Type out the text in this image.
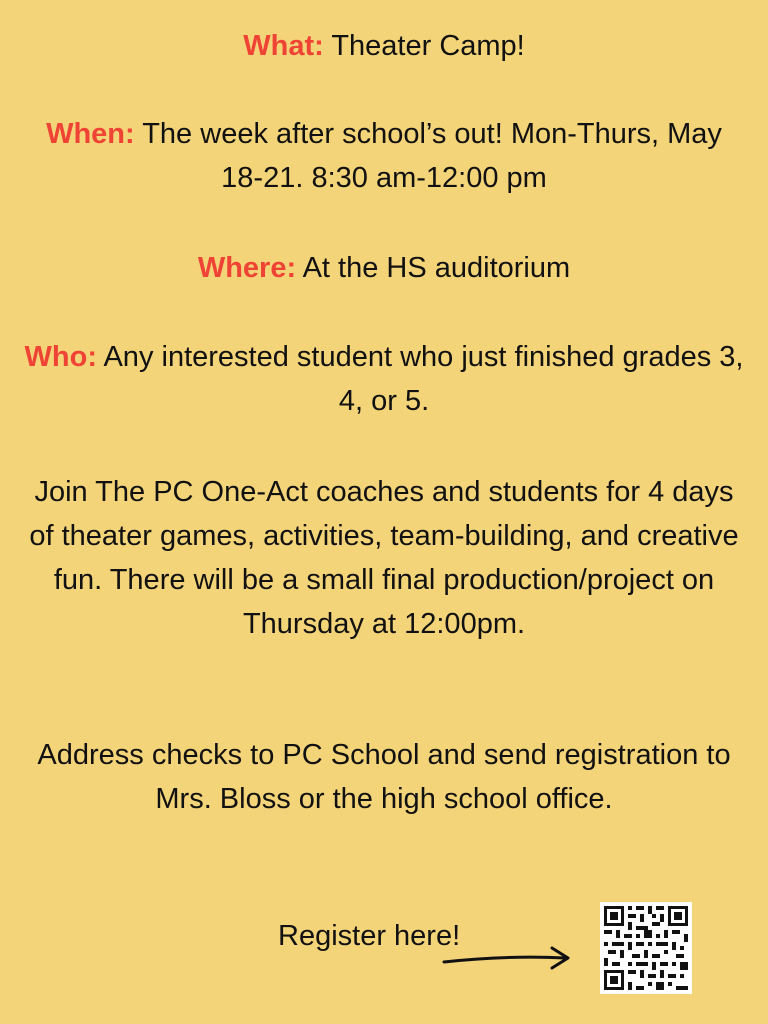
What: Theater Camp!
When: The week after school’s out! Mon-Thurs, May 18-21. 8:30 am-12:00 pm
Where: At the HS auditorium
Who: Any interested student who just finished grades 3, 4, or 5.
Join The PC One-Act coaches and students for 4 days of theater games, activities, team-building, and creative fun. There will be a small final production/project on Thursday at 12:00pm.
Address checks to PC School and send registration to Mrs. Bloss or the high school office.
Register here!
